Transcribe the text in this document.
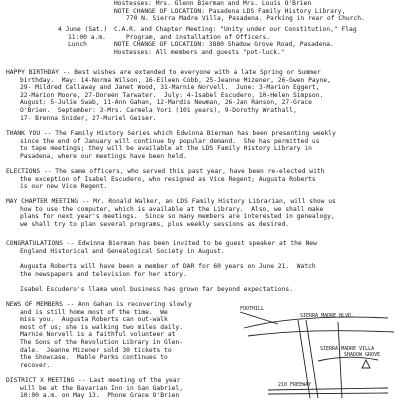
Hostesses: Mrs. Glenn Bierman and Mrs. Louis O'Brien
NOTE CHANGE OF LOCATION: Pasadena LDS Family History Library,
770 N. Sierra Madre Villa, Pasadena. Parking in rear of Church.
4 June (Sat.)
11:00 a.m.
Lunch
C.A.R. and Chapter Meeting: "Unity under our Constitution," Flag
Program, and installation of Officers.
NOTE CHANGE OF LOCATION: 3880 Shadow Grove Road, Pasadena.
Hostesses: All members and guests "pot-luck."
HAPPY BIRTHDAY -- Best wishes are extended to everyone with a late Spring or Summer
birthday.  May: 14-Norma Wilson, 16-Eileen Cobb, 25-Jeanne Mizener, 26-Gwen Payne,
29- Mildred Callaway and Janet Wood, 31-Marnie Norvell.  June: 3-Marion Eggert,
22-Marion Moore, 27-Doreen Tarwater.  July: 4-Isabel Escudero, 10-Helen Simpson.
August: 5-Julie Swab, 11-Ann Gahan, 12-Mardis Newman, 26-Jan Ranson, 27-Grace
O'Brien.  September: 3-Mrs. Carmela Yori (101 years), 9-Dorothy Wrathall,
17- Brenna Snider, 27-Muriel Geiser.
THANK YOU -- The Family History Series which Edwinna Bierman has been presenting weekly
since the end of January will continue by popular demand.  She has permitted us
to tape meetings; they will be available at the LDS Family History Library in
Pasadena, where our meetings have been held.
ELECTIONS -- The same officers, who served this past year, have been re-elected with
the exception of Isabel Escudero, who resigned as Vice Regent; Augusta Roberts
is our new Vice Regent.
MAY CHAPTER MEETING -- Mr. Ronald Walker, an LDS Family History Librarian, will show us
how to use the computer, which is available at the Library.  Also, we shall make
plans for next year's meetings.  Since so many members are interested in genealogy,
we shall try to plan several programs, plus weekly sessions as desired.
CONGRATULATIONS -- Edwinna Bierman has been invited to be guest speaker at the New
England Historical and Genealogical Society in August.
Augusta Roberts will have been a member of DAR for 60 years on June 21.  Watch
the newspapers and television for her story.
Isabel Escudero's llama wool business has grown far beyond expectations.
NEWS OF MEMBERS -- Ann Gahan is recovering slowly
and is still home most of the time.  We
miss you.  Augusta Roberts can out-walk
most of us; she is walking two miles daily.
Marnie Norvell is a faithful volunteer at
The Sons of the Revolution Library in Glen-
dale.  Jeanne Mizener sold 30 tickets to
the Showcase.  Mable Parks continues to
recover.
DISTRICT X MEETING -- Last meeting of the year
will be at the Bavarian Inn in San Gabriel,
10:00 a.m. on May 13.  Phone Grace O'Brien
SIERRA MADRE BLVD.
FOOTHILL
SIERRA MADRE VILLA
SHADOW GROVE
210 FREEWAY
